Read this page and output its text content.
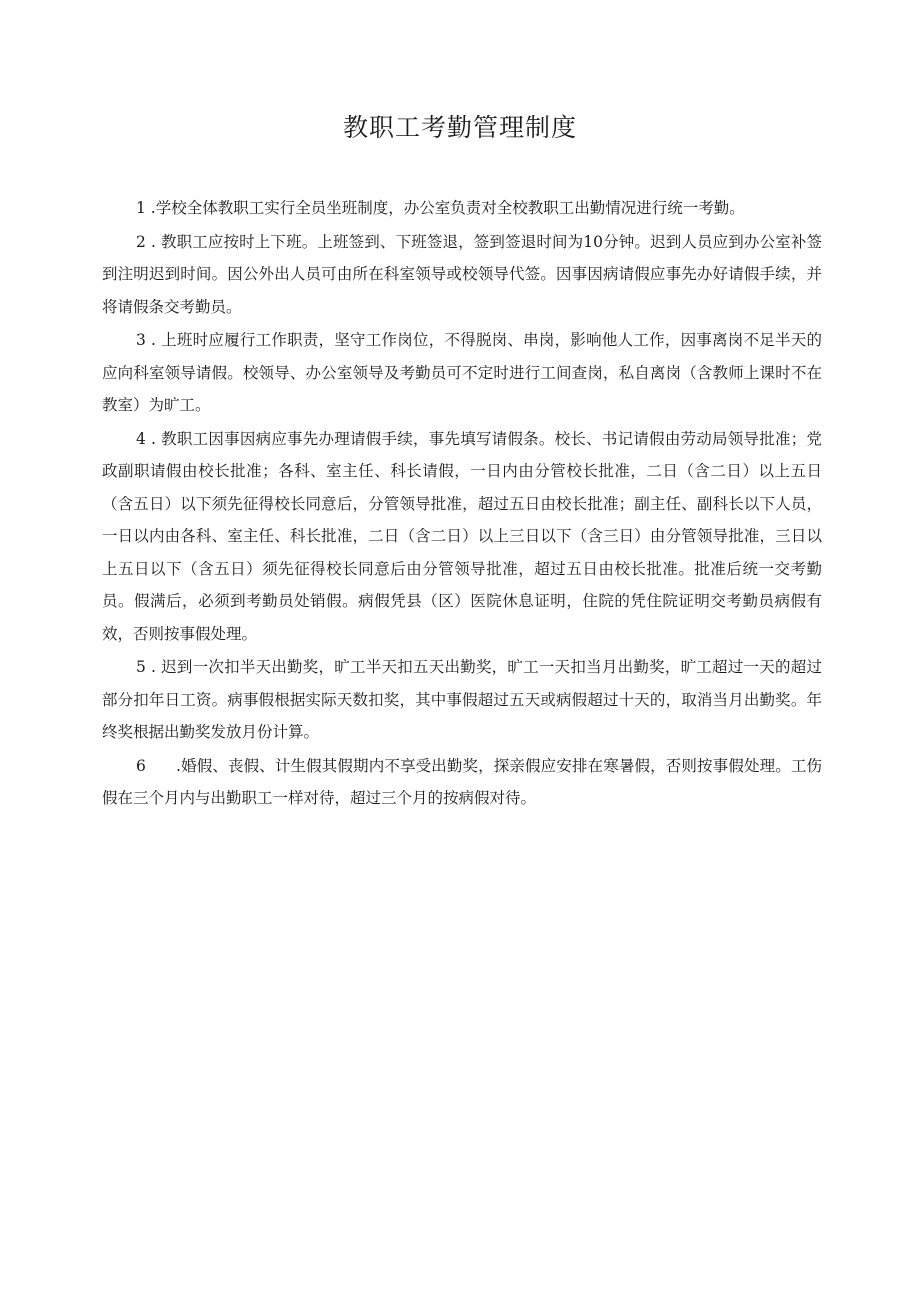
教职工考勤管理制度

1 .学校全体教职工实行全员坐班制度，办公室负责对全校教职工出勤情况进行统一考勤。

2 . 教职工应按时上下班。上班签到、下班签退，签到签退时间为10分钟。迟到人员应到办公室补签到注明迟到时间。因公外出人员可由所在科室领导或校领导代签。因事因病请假应事先办好请假手续，并将请假条交考勤员。

3 . 上班时应履行工作职责，坚守工作岗位，不得脱岗、串岗，影响他人工作，因事离岗不足半天的应向科室领导请假。校领导、办公室领导及考勤员可不定时进行工间查岗，私自离岗（含教师上课时不在教室）为旷工。

4 . 教职工因事因病应事先办理请假手续，事先填写请假条。校长、书记请假由劳动局领导批准；党政副职请假由校长批准；各科、室主任、科长请假，一日内由分管校长批准，二日（含二日）以上五日（含五日）以下须先征得校长同意后，分管领导批准，超过五日由校长批准；副主任、副科长以下人员，一日以内由各科、室主任、科长批准，二日（含二日）以上三日以下（含三日）由分管领导批准，三日以上五日以下（含五日）须先征得校长同意后由分管领导批准，超过五日由校长批准。批准后统一交考勤员。假满后，必须到考勤员处销假。病假凭县（区）医院休息证明，住院的凭住院证明交考勤员病假有效，否则按事假处理。

5 . 迟到一次扣半天出勤奖，旷工半天扣五天出勤奖，旷工一天扣当月出勤奖，旷工超过一天的超过部分扣年日工资。病事假根据实际天数扣奖，其中事假超过五天或病假超过十天的，取消当月出勤奖。年终奖根据出勤奖发放月份计算。

6 .婚假、丧假、计生假其假期内不享受出勤奖，探亲假应安排在寒暑假，否则按事假处理。工伤假在三个月内与出勤职工一样对待，超过三个月的按病假对待。
